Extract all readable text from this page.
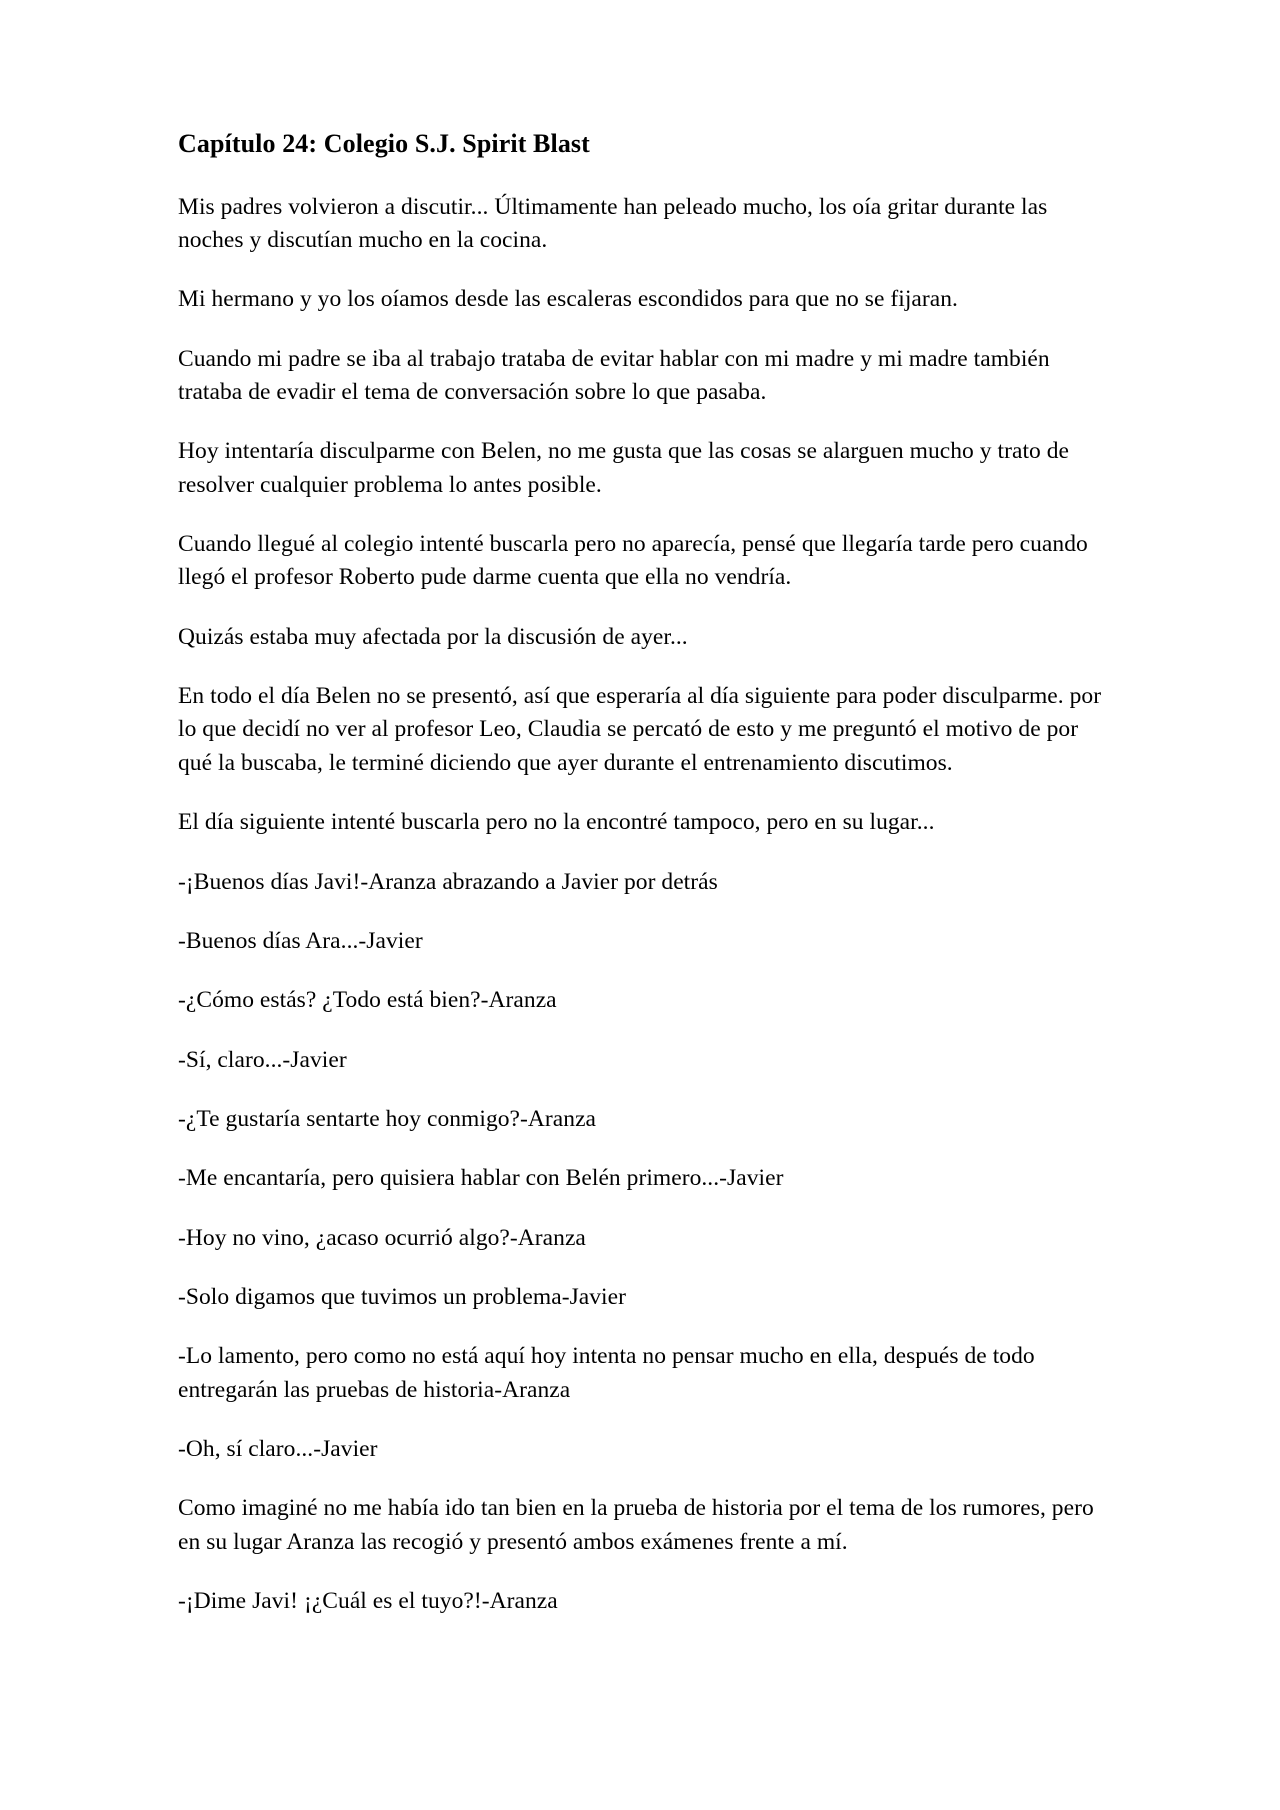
Capítulo 24: Colegio S.J. Spirit Blast

Mis padres volvieron a discutir... Últimamente han peleado mucho, los oía gritar durante las noches y discutían mucho en la cocina.

Mi hermano y yo los oíamos desde las escaleras escondidos para que no se fijaran.

Cuando mi padre se iba al trabajo trataba de evitar hablar con mi madre y mi madre también trataba de evadir el tema de conversación sobre lo que pasaba.

Hoy intentaría disculparme con Belen, no me gusta que las cosas se alarguen mucho y trato de resolver cualquier problema lo antes posible.

Cuando llegué al colegio intenté buscarla pero no aparecía, pensé que llegaría tarde pero cuando llegó el profesor Roberto pude darme cuenta que ella no vendría.

Quizás estaba muy afectada por la discusión de ayer...

En todo el día Belen no se presentó, así que esperaría al día siguiente para poder disculparme. por lo que decidí no ver al profesor Leo, Claudia se percató de esto y me preguntó el motivo de por qué la buscaba, le terminé diciendo que ayer durante el entrenamiento discutimos.

El día siguiente intenté buscarla pero no la encontré tampoco, pero en su lugar...

-¡Buenos días Javi!-Aranza abrazando a Javier por detrás

-Buenos días Ara...-Javier

-¿Cómo estás? ¿Todo está bien?-Aranza

-Sí, claro...-Javier

-¿Te gustaría sentarte hoy conmigo?-Aranza

-Me encantaría, pero quisiera hablar con Belén primero...-Javier

-Hoy no vino, ¿acaso ocurrió algo?-Aranza

-Solo digamos que tuvimos un problema-Javier

-Lo lamento, pero como no está aquí hoy intenta no pensar mucho en ella, después de todo entregarán las pruebas de historia-Aranza

-Oh, sí claro...-Javier

Como imaginé no me había ido tan bien en la prueba de historia por el tema de los rumores, pero en su lugar Aranza las recogió y presentó ambos exámenes frente a mí.

-¡Dime Javi! ¡¿Cuál es el tuyo?!-Aranza
